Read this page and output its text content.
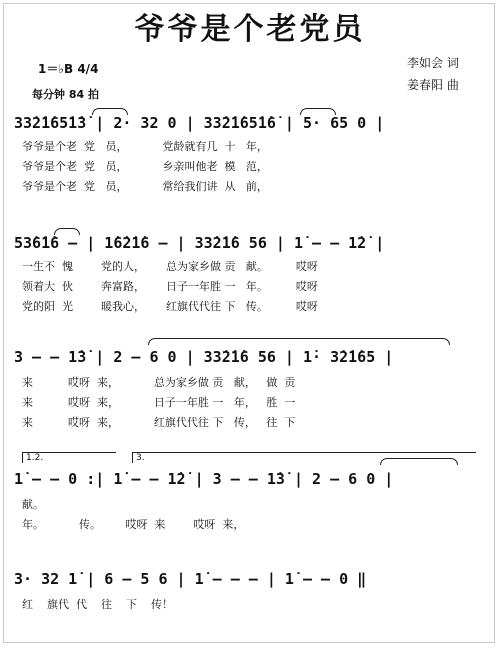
爷爷是个老党员
1＝♭B 4/4
每分钟 84 拍
李如会 词
姜春阳 曲
33̇2̇1̇65̇1̇3̇ | 2· 32 0 | 33̇2̇1̇65̇1̇6̇ | 5· 65 0 |
爷爷是个老  党   员，          党龄就有几  十   年，
爷爷是个老  党   员，          乡亲叫他老  模   范，
爷爷是个老  党   员，          常给我们讲  从   前，
53̇6̇1̇6 – | 1̇6̇2̇1̇6 – | 33̇2̇1̇6 56 | 1̇ – – 1̇2̇ |
一生不  愧        党的人，      总为家乡做 贡   献。        哎呀
领着大  伙        奔富路，      日子一年胜 一   年。        哎呀
党的阳  光        暖我心，      红旗代代往 下   传。        哎呀
3 – – 1̇3̇ | 2 – 6 0 | 33̇2̇1̇6 56 | 1̇· 3̇2̇1̇65 |
来          哎呀  来，          总为家乡做 贡   献，   做  贡
来          哎呀  来，          日子一年胜 一   年，   胜  一
来          哎呀  来，          红旗代代往 下   传，   往  下
1.2.	3.
1̇ – – 0 :| 1̇ – – 1̇2̇ | 3 – – 1̇3̇ | 2 – 6 0 |
献。
年。          传。       哎呀  来        哎呀  来，
3· 32 1̇ | 6 – 5 6 | 1̇ – – – | 1̇ – – 0 ‖
红    旗代  代    往    下    传！
